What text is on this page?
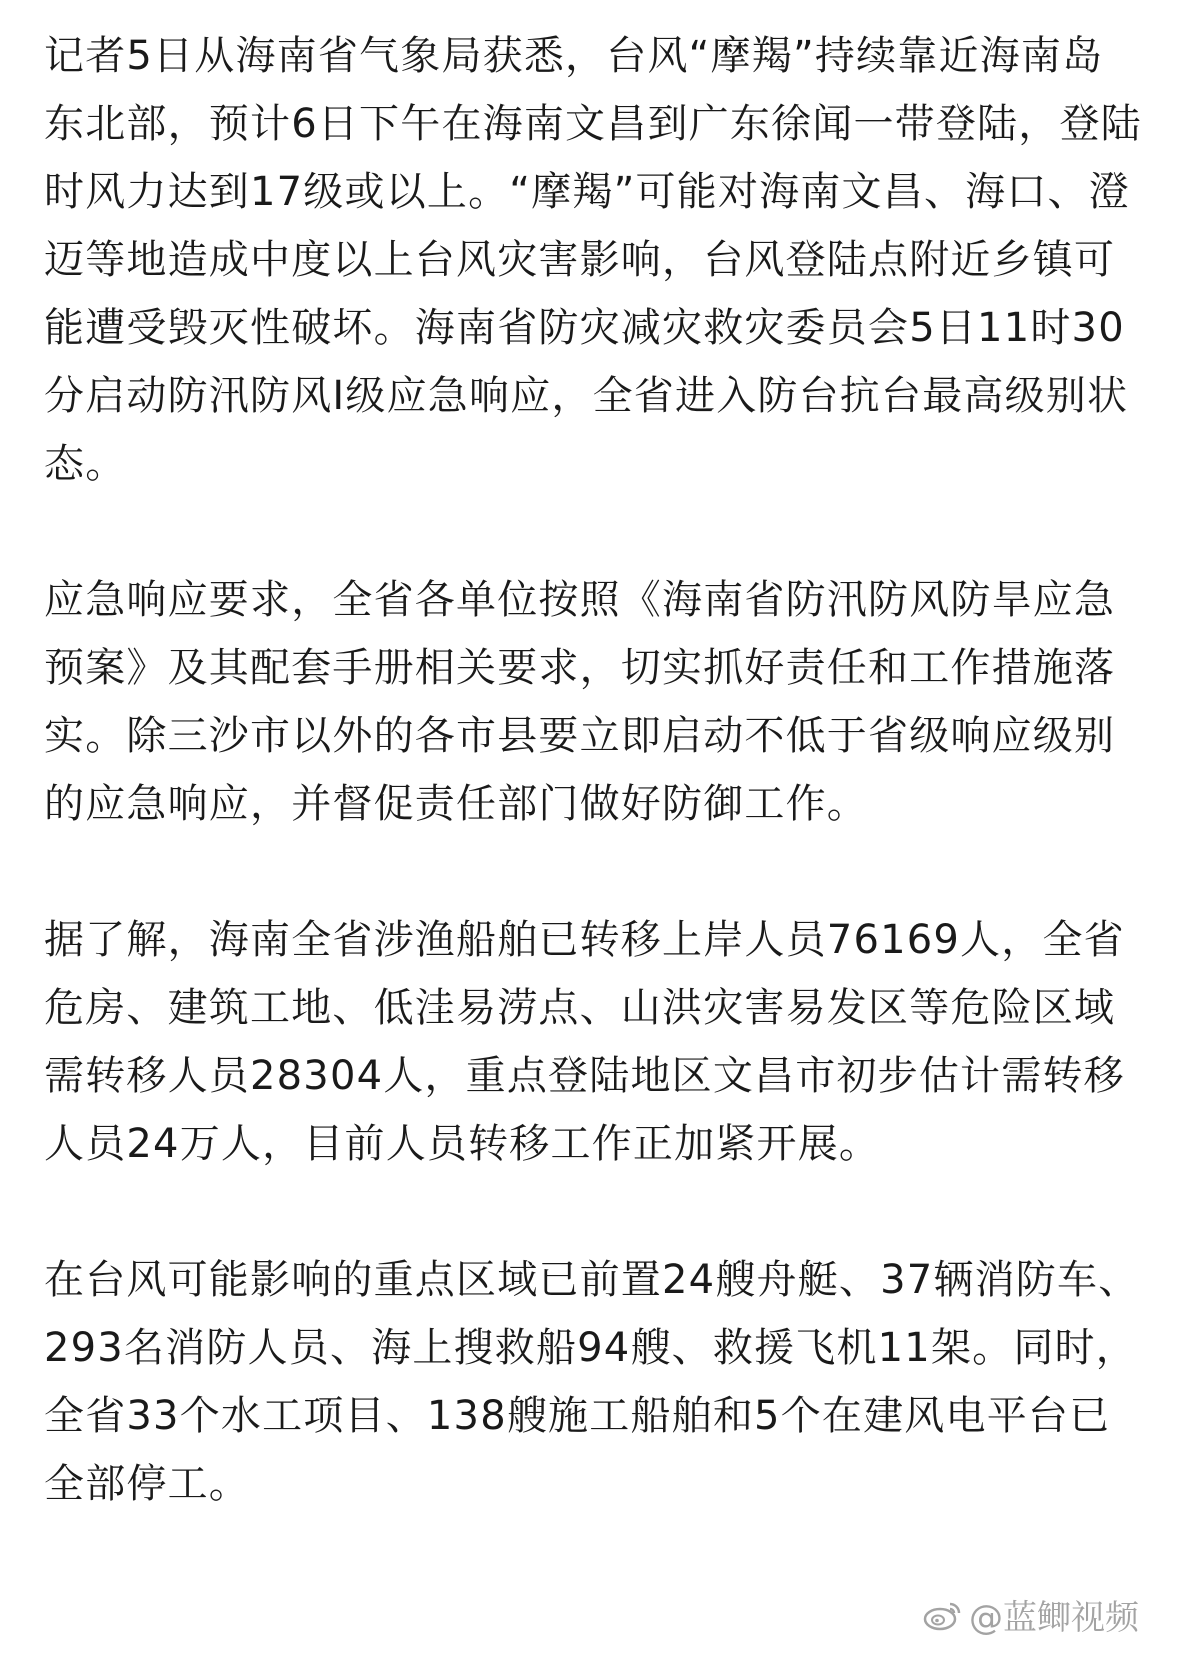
记者5日从海南省气象局获悉，台风“摩羯”持续靠近海南岛东北部，预计6日下午在海南文昌到广东徐闻一带登陆，登陆时风力达到17级或以上。“摩羯”可能对海南文昌、海口、澄迈等地造成中度以上台风灾害影响，台风登陆点附近乡镇可能遭受毁灭性破坏。海南省防灾减灾救灾委员会5日11时30分启动防汛防风Ⅰ级应急响应，全省进入防台抗台最高级别状态。

应急响应要求，全省各单位按照《海南省防汛防风防旱应急预案》及其配套手册相关要求，切实抓好责任和工作措施落实。除三沙市以外的各市县要立即启动不低于省级响应级别的应急响应，并督促责任部门做好防御工作。

据了解，海南全省涉渔船舶已转移上岸人员76169人，全省危房、建筑工地、低洼易涝点、山洪灾害易发区等危险区域需转移人员28304人，重点登陆地区文昌市初步估计需转移人员24万人，目前人员转移工作正加紧开展。

在台风可能影响的重点区域已前置24艘舟艇、37辆消防车、293名消防人员、海上搜救船94艘、救援飞机11架。同时，全省33个水工项目、138艘施工船舶和5个在建风电平台已全部停工。

@蓝鲫视频
